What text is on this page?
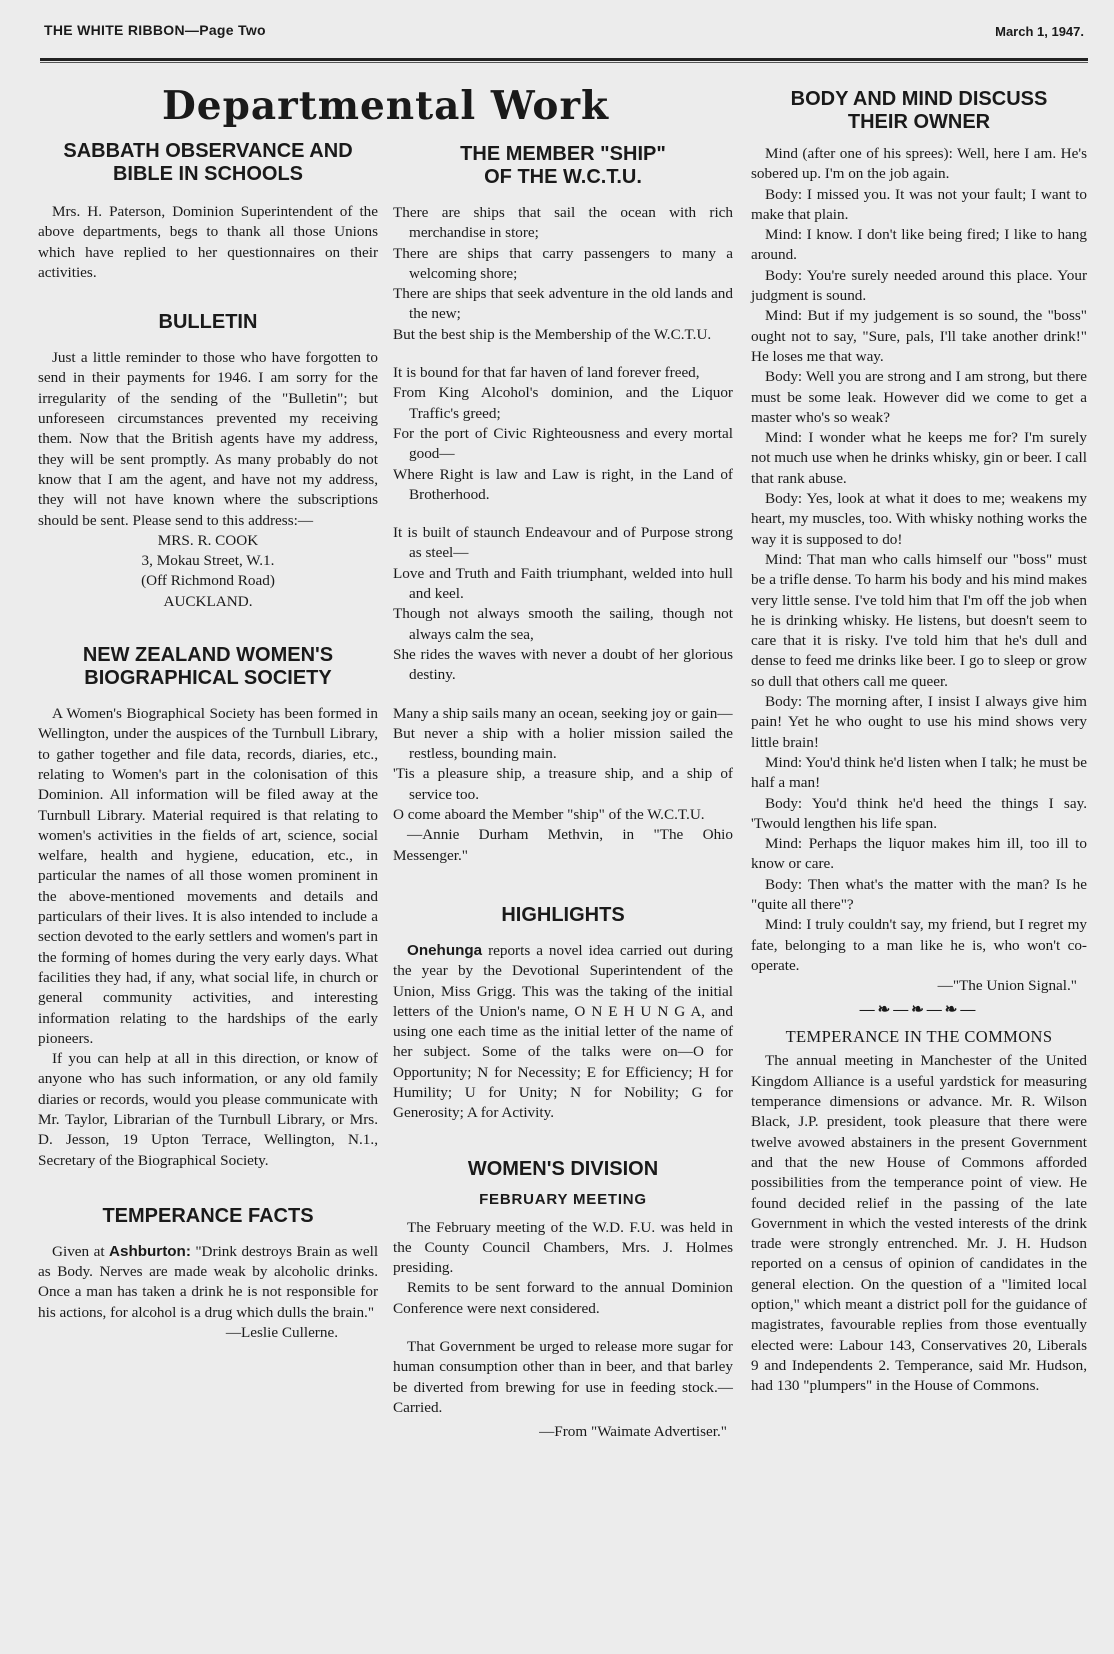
THE WHITE RIBBON—Page Two	March 1, 1947.
Departmental Work
SABBATH OBSERVANCE AND BIBLE IN SCHOOLS

Mrs. H. Paterson, Dominion Superintendent of the above departments, begs to thank all those Unions which have replied to her questionnaires on their activities.

BULLETIN

Just a little reminder to those who have forgotten to send in their payments for 1946. I am sorry for the irregularity of the sending of the "Bulletin"; but unforeseen circumstances prevented my receiving them. Now that the British agents have my address, they will be sent promptly. As many probably do not know that I am the agent, and have not my address, they will not have known where the subscriptions should be sent. Please send to this address:—

MRS. R. COOK
3, Mokau Street, W.1.
(Off Richmond Road)
AUCKLAND.
NEW ZEALAND WOMEN'S BIOGRAPHICAL SOCIETY

A Women's Biographical Society has been formed in Wellington, under the auspices of the Turnbull Library, to gather together and file data, records, diaries, etc., relating to Women's part in the colonisation of this Dominion. All information will be filed away at the Turnbull Library. Material required is that relating to women's activities in the fields of art, science, social welfare, health and hygiene, education, etc., in particular the names of all those women prominent in the above-mentioned movements and details and particulars of their lives. It is also intended to include a section devoted to the early settlers and women's part in the forming of homes during the very early days. What facilities they had, if any, what social life, in church or general community activities, and interesting information relating to the hardships of the early pioneers.

If you can help at all in this direction, or know of anyone who has such information, or any old family diaries or records, would you please communicate with Mr. Taylor, Librarian of the Turnbull Library, or Mrs. D. Jesson, 19 Upton Terrace, Wellington, N.1., Secretary of the Biographical Society.

TEMPERANCE FACTS

Given at Ashburton: "Drink destroys Brain as well as Body. Nerves are made weak by alcoholic drinks. Once a man has taken a drink he is not responsible for his actions, for alcohol is a drug which dulls the brain."

—Leslie Cullerne.
THE MEMBER "SHIP"
OF THE W.C.T.U.
There are ships that sail the ocean with rich merchandise in store;
There are ships that carry passengers to many a welcoming shore;
There are ships that seek adventure in the old lands and the new;
But the best ship is the Membership of the W.C.T.U.
It is bound for that far haven of land forever freed,
From King Alcohol's dominion, and the Liquor Traffic's greed;
For the port of Civic Righteousness and every mortal good—
Where Right is law and Law is right, in the Land of Brotherhood.
It is built of staunch Endeavour and of Purpose strong as steel—
Love and Truth and Faith triumphant, welded into hull and keel.
Though not always smooth the sailing, though not always calm the sea,
She rides the waves with never a doubt of her glorious destiny.
Many a ship sails many an ocean, seeking joy or gain—
But never a ship with a holier mission sailed the restless, bounding main.
'Tis a pleasure ship, a treasure ship, and a ship of service too.
O come aboard the Member "ship" of the W.C.T.U.

—Annie Durham Methvin, in "The Ohio Messenger."

HIGHLIGHTS

Onehunga reports a novel idea carried out during the year by the Devotional Superintendent of the Union, Miss Grigg. This was the taking of the initial letters of the Union's name, O N E H U N G A, and using one each time as the initial letter of the name of her subject. Some of the talks were on—O for Opportunity; N for Necessity; E for Efficiency; H for Humility; U for Unity; N for Nobility; G for Generosity; A for Activity.

WOMEN'S DIVISION
FEBRUARY MEETING

The February meeting of the W.D. F.U. was held in the County Council Chambers, Mrs. J. Holmes presiding.

Remits to be sent forward to the annual Dominion Conference were next considered.

That Government be urged to release more sugar for human consumption other than in beer, and that barley be diverted from brewing for use in feeding stock.—Carried.

—From "Waimate Advertiser."
BODY AND MIND DISCUSS
THEIR OWNER

Mind (after one of his sprees): Well, here I am. He's sobered up. I'm on the job again.

Body: I missed you. It was not your fault; I want to make that plain.

Mind: I know. I don't like being fired; I like to hang around.

Body: You're surely needed around this place. Your judgment is sound.

Mind: But if my judgement is so sound, the "boss" ought not to say, "Sure, pals, I'll take another drink!" He loses me that way.

Body: Well you are strong and I am strong, but there must be some leak. However did we come to get a master who's so weak?

Mind: I wonder what he keeps me for? I'm surely not much use when he drinks whisky, gin or beer. I call that rank abuse.

Body: Yes, look at what it does to me; weakens my heart, my muscles, too. With whisky nothing works the way it is supposed to do!

Mind: That man who calls himself our "boss" must be a trifle dense. To harm his body and his mind makes very little sense. I've told him that I'm off the job when he is drinking whisky. He listens, but doesn't seem to care that it is risky. I've told him that he's dull and dense to feed me drinks like beer. I go to sleep or grow so dull that others call me queer.

Body: The morning after, I insist I always give him pain! Yet he who ought to use his mind shows very little brain!

Mind: You'd think he'd listen when I talk; he must be half a man!

Body: You'd think he'd heed the things I say. 'Twould lengthen his life span.

Mind: Perhaps the liquor makes him ill, too ill to know or care.

Body: Then what's the matter with the man? Is he "quite all there"?

Mind: I truly couldn't say, my friend, but I regret my fate, belonging to a man like he is, who won't co-operate.

—"The Union Signal."
—❧—❧—❧—
TEMPERANCE IN THE COMMONS

The annual meeting in Manchester of the United Kingdom Alliance is a useful yardstick for measuring temperance dimensions or advance. Mr. R. Wilson Black, J.P. president, took pleasure that there were twelve avowed abstainers in the present Government and that the new House of Commons afforded possibilities from the temperance point of view. He found decided relief in the passing of the late Government in which the vested interests of the drink trade were strongly entrenched. Mr. J. H. Hudson reported on a census of opinion of candidates in the general election. On the question of a "limited local option," which meant a district poll for the guidance of magistrates, favourable replies from those eventually elected were: Labour 143, Conservatives 20, Liberals 9 and Independents 2. Temperance, said Mr. Hudson, had 130 "plumpers" in the House of Commons.
